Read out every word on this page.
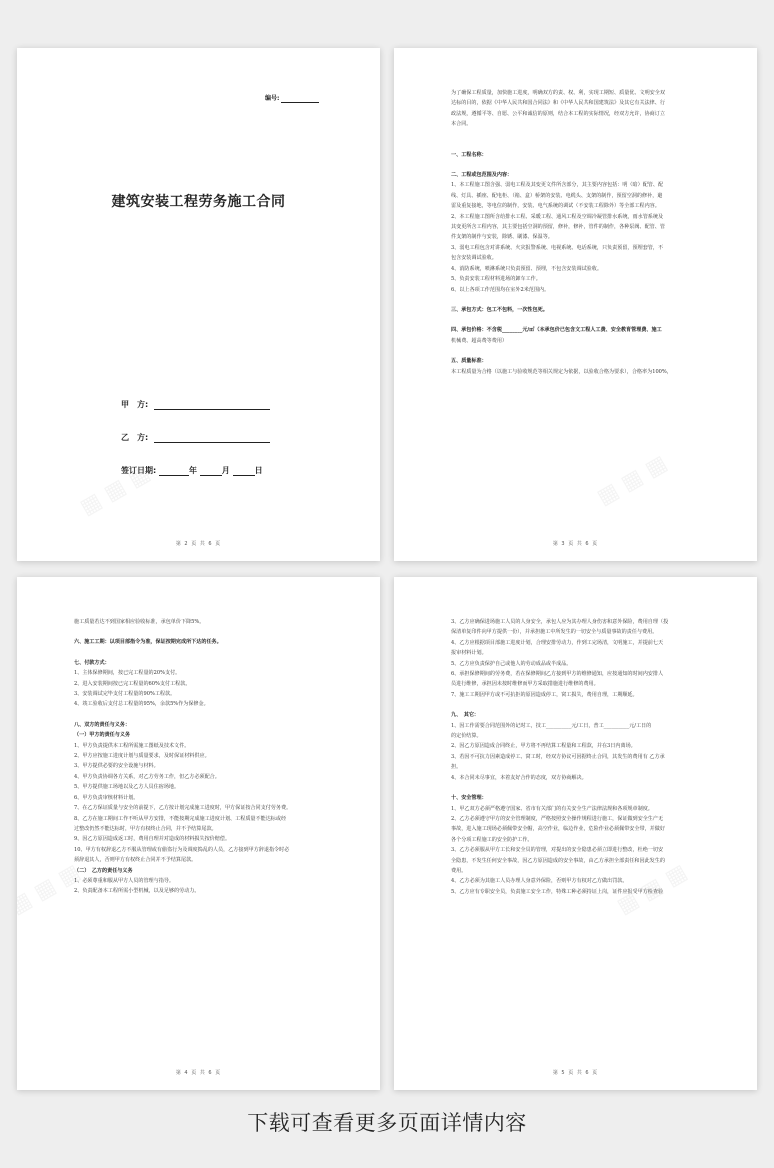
编号:
建筑安装工程劳务施工合同
甲　方:
乙　方:
签订日期:	年	月	日
第 2 页 共 6 页

为了确保工程质量，加快施工进度，明确双方的责、权、利，实现工期短、质量优、文明安全双

达标的目的，依据《中华人民共和国合同法》和《中华人民共和国建筑法》及其它有关法律、行

政法规，遵循平等、自愿、公平和诚信的原则，结合本工程的实际情况，经双方允许，协商订立

本合同。

一、工程名称：

二、工程或包范围及内容：

1、本工程施工图含强、弱电工程及其变更文件所含部分，其主要内容包括：明（暗）配管、配

线、灯具、插座、配电柜、（箱、盒）桥架的安装、电缆头、支架的制作，预留空洞的修补，避

雷及重复接地，等电位的制作，安装、电气系统的调试（不安装工程除外）等全部工程内容。

2、本工程施工图所含给排水工程、采暖工程、通风工程及空调冷凝管排水系统，雨水管系统及

其变更所含工程内容，其主要包括空洞的预留，修补，修补，管件的制作，各种泵阀、配管、管

件支架的制作与安装，除锈、刷漆、保温等。

3、弱电工程包含对讲系统、火灾报警系统、电视系统、电话系统，只负责预留，预埋套管，不

包含安装调试验收。

4、消防系统，喷淋系统只负责预留、预埋，不包含安装调试验收。

5、负责安装工程材料进场的卸车工作。

6、以上各项工作范围均在室外2米范围内。

三、承包方式：包工不包料，一次性包死。

四、承包价格：不含税________元/㎡（本承包价已包含文工程人工费、安全教育管理费、施工

机械费、超高费等费用）

五、质量标准：

本工程质量为合格（以施工与验收规范等相关规定为依据，以验收合格为要求），合格率为100%，

第 3 页 共 6 页

施工质量若达不到国家相应验收标准，承包单价下降5%。

六、施工工期：以项目部指令为准，保证按期完成所下达的任务。

七、付款方式：

1、主体保修期间，按已完工程量的20%支付。

2、进入安装期间按已完工程量的60%支付工程款。

3、安装调试完毕支付工程量的90%工程款。

4、竣工验收后支付总工程量的95%，余款5%作为保修金。

八、双方的责任与义务：

（一）甲方的责任与义务

1、甲方负责提供本工程所需施工图纸及技术文件。

2、甲方应按施工进度计划与质量要求，及时保证材料供应。

3、甲方提供必要的安全设施与材料。

4、甲方负责协调各方关系，对乙方劳务工作，但乙方必须配合。

5、甲方提供施工场地以及乙方人员住宿场地。

6、甲方负责审核材料计划。

7、在乙方保证质量与安全的前提下，乙方按计划完成施工进度时，甲方保证按合同支付劳务费。

8、乙方在施工期间工作不听从甲方安排，不能按期完成施工进度计划、工程质量不能达标或经

过整改仍然不能达标时，甲方有权终止合同，并不予结算尾款。

9、因乙方原因造成返工时，费用自理并对造成的材料损失按价赔偿。

10、甲方有权辞退乙方不服从管理或有偷盗行为及调度捣乱的人员，乙方接到甲方辞退指令时必

须辞退其人，否则甲方有权终止合同并不予结算尾款。

（二）　乙方的责任与义务

1、必须尊重和服从甲方人员的管理与指导。

2、负责配备本工程所需小型机械，以及足够的劳动力。

第 4 页 共 6 页

3、乙方应确保进场施工人员的人身安全，承包人应为其办理人身伤害和意外保险，费用自理（投

保清单复印件向甲方提供一份），并承担施工中所发生的一切安全与质量事故的责任与费用。

4、乙方应根据项目部施工进度计划，合理安排劳动力，作到工完场清，文明施工，并提前七天

报审材料计划。

5、乙方应负责保护自己或他人的劳动成品或半成品。

6、承担保修期间的劳务费，若在保修期间乙方接到甲方的维修通知，应按通知的时间内安排人

员进行维修，承担因未按时维修而甲方采取措施进行维修的费用。

7、施工工期因甲方或不可抗拒的原因造成停工，窝工损失，费用自理，工期顺延。

九、　其它：

1、因工作需要合同范围外的记时工，技工__________元/工日，普工__________元/工日的

的定价结算。

2、因乙方原因造成合同终止，甲方将不再结算工程量和工程款，并在3日内离场。

3、若因不可抗力因素造成停工、窝工时，经双方协议可因据终止合同，其发生的费用有 乙方承

担。

4、本合同未尽事宜，本着友好合作的态度，双方协商解决。

十、安全管理：

1、甲乙双方必须严格遵守国家、省市有关部门的有关安全生产法律法规和各项规章制度。

2、乙方必须遵守甲方的安全管理制度，严格按照安全操作规程进行施工，保证做到安全生产无

事故，进入施工现场必须佩带安全帽，高空作业，临边作业，危险作业必须佩带安全带，并做好

各个分项工程施工的安全防护工作。

3、乙方必须服从甲方工长和安全员的管理，对提出的安全隐患必须立即进行整改，杜绝一切安

全隐患，不发生任何安全事故，因乙方原因造成的安全事故，由乙方承担全部责任和因此发生的

费用。

4、乙方必须为其施工人员办理人身意外保险，否则甲方有权对乙方做出罚款。

5、乙方应有专职安全员，负责施工安全工作，特殊工种必须持证上岗，证件应报受甲方检查验

第 5 页 共 6 页
下载可查看更多页面详情内容
